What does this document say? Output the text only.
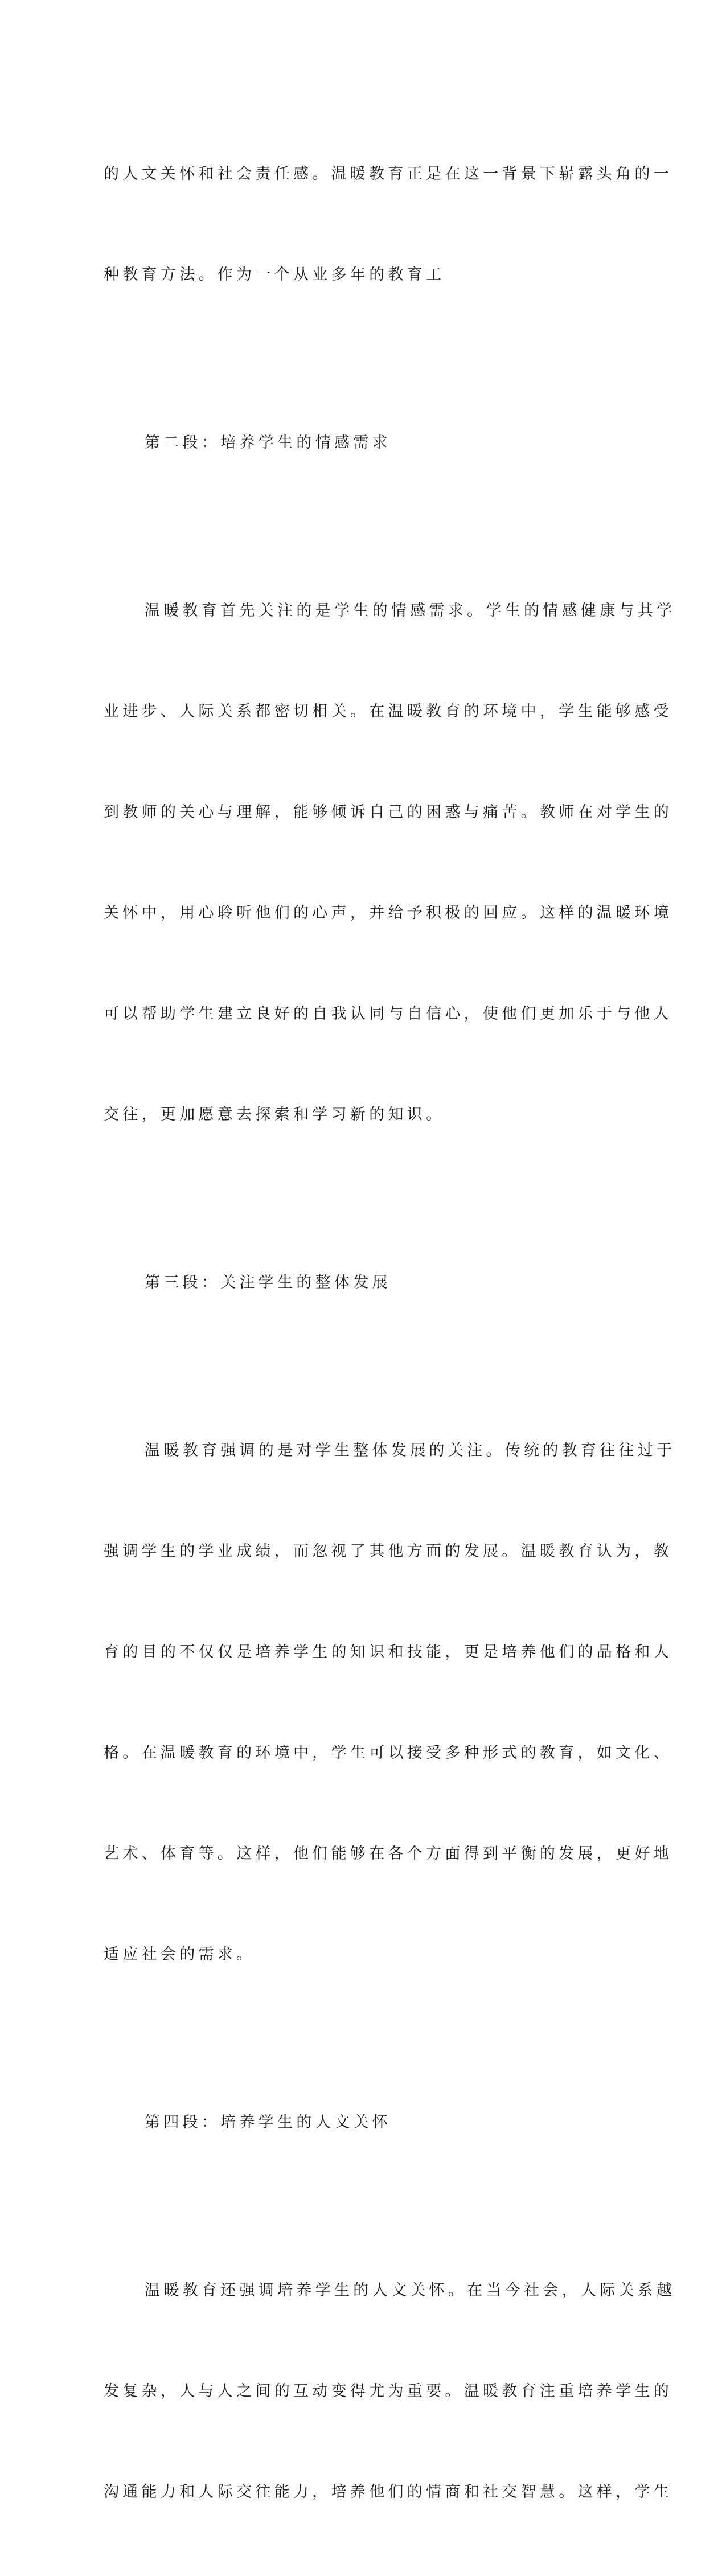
的人文关怀和社会责任感。温暖教育正是在这一背景下崭露头角的一

种教育方法。作为一个从业多年的教育工

第二段：培养学生的情感需求

温暖教育首先关注的是学生的情感需求。学生的情感健康与其学

业进步、人际关系都密切相关。在温暖教育的环境中，学生能够感受

到教师的关心与理解，能够倾诉自己的困惑与痛苦。教师在对学生的

关怀中，用心聆听他们的心声，并给予积极的回应。这样的温暖环境

可以帮助学生建立良好的自我认同与自信心，使他们更加乐于与他人

交往，更加愿意去探索和学习新的知识。

第三段：关注学生的整体发展

温暖教育强调的是对学生整体发展的关注。传统的教育往往过于

强调学生的学业成绩，而忽视了其他方面的发展。温暖教育认为，教

育的目的不仅仅是培养学生的知识和技能，更是培养他们的品格和人

格。在温暖教育的环境中，学生可以接受多种形式的教育，如文化、

艺术、体育等。这样，他们能够在各个方面得到平衡的发展，更好地

适应社会的需求。

第四段：培养学生的人文关怀

温暖教育还强调培养学生的人文关怀。在当今社会，人际关系越

发复杂，人与人之间的互动变得尤为重要。温暖教育注重培养学生的

沟通能力和人际交往能力，培养他们的情商和社交智慧。这样，学生
